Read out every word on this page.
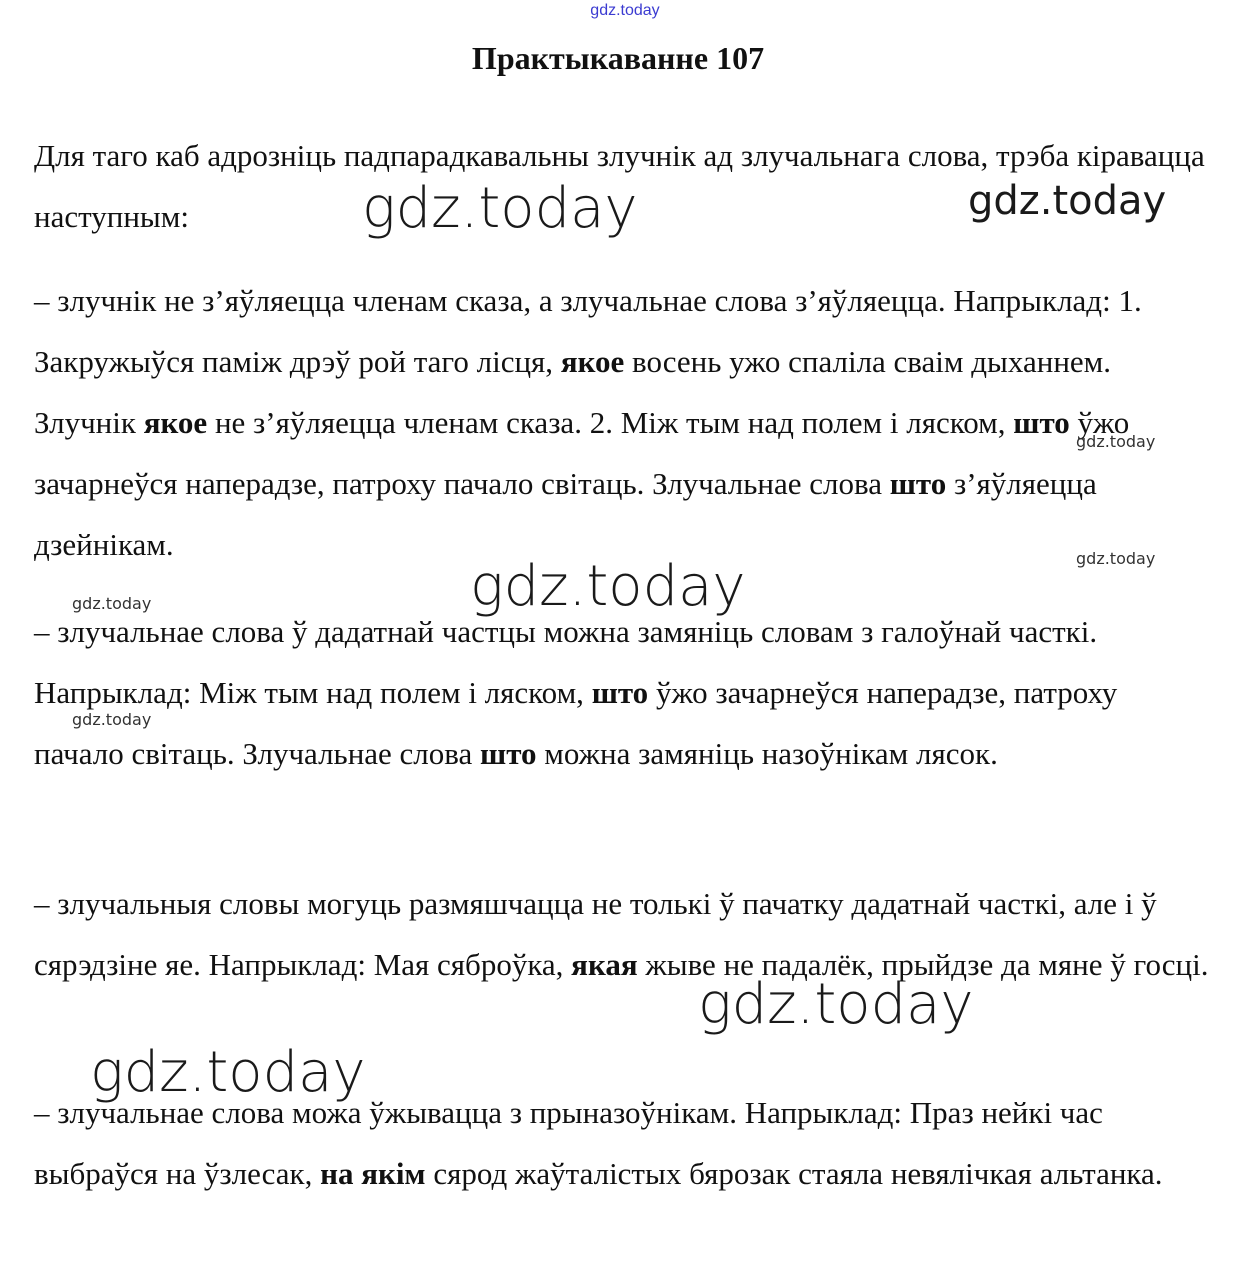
gdz.today
Практыкаванне 107

Для таго каб адрозніць падпарадкавальны злучнік ад злучальнага слова, трэба кіравацца наступным:

– злучнік не з’яўляецца членам сказа, а злучальнае слова з’яўляецца. Напрыклад: 1. Закружыўся паміж дрэў рой таго лісця, якое восень ужо спаліла сваім дыханнем. Злучнік якое не з’яўляецца членам сказа. 2. Між тым над полем і ляском, што ўжо зачарнеўся наперадзе, патроху пачало світаць. Злучальнае слова што з’яўляецца дзейнікам.

– злучальнае слова ў дадатнай частцы можна замяніць словам з галоўнай часткі. Напрыклад: Між тым над полем і ляском, што ўжо зачарнеўся наперадзе, патроху пачало світаць. Злучальнае слова што можна замяніць назоўнікам лясок.

– злучальныя словы могуць размяшчацца не толькі ў пачатку дадатнай часткі, але і ў сярэдзіне яе. Напрыклад: Мая сяброўка, якая жыве не падалёк, прыйдзе да мяне ў госці.

– злучальнае слова можа ўжывацца з прыназоўнікам. Напрыклад: Праз нейкі час выбраўся на ўзлесак, на якім сярод жаўталістых бярозак стаяла невялічкая альтанка.

gdz.today	gdz.today
gdz.today
gdz.today
gdz.today
gdz.today
gdz.today
gdz.today
gdz.today
